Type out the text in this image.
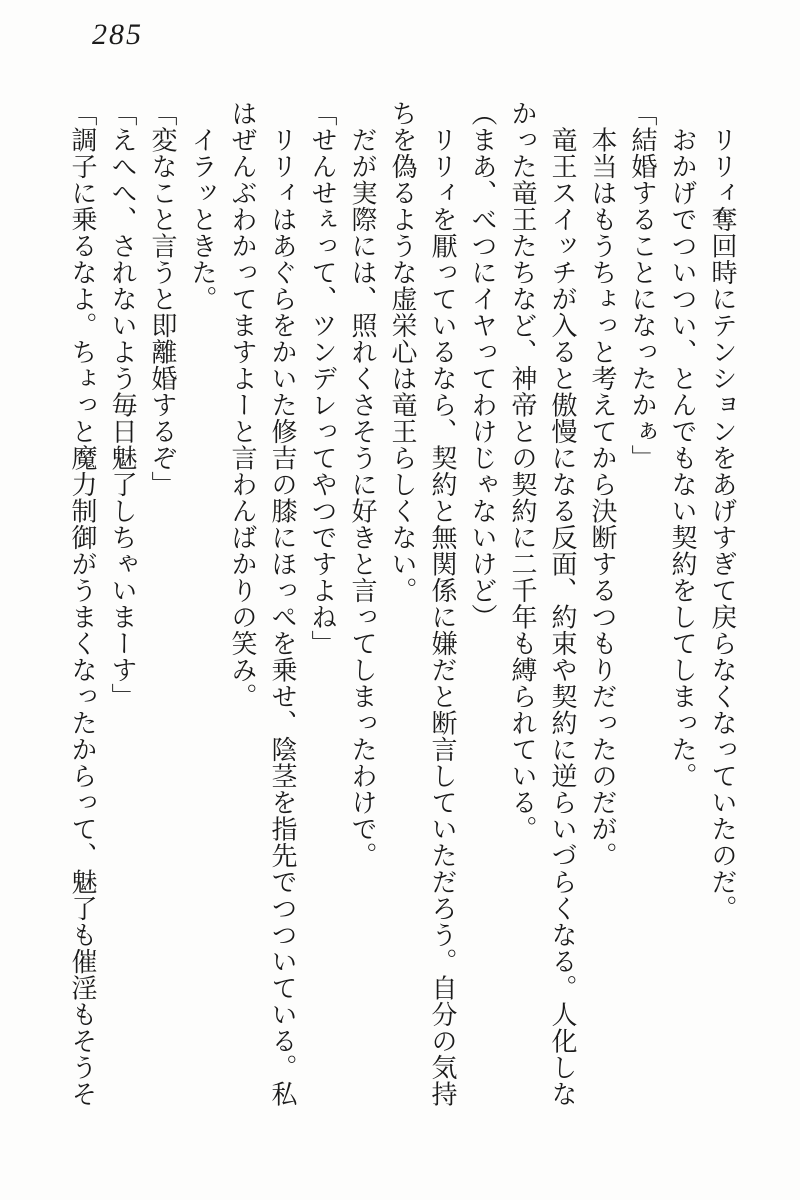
285

　リリィ奪回時にテンションをあげすぎて戻らなくなっていたのだ。

　おかげでついつい、とんでもない契約をしてしまった。

「結婚することになったかぁ」

　本当はもうちょっと考えてから決断するつもりだったのだが。

　竜王スイッチが入ると傲慢になる反面、約束や契約に逆らいづらくなる。人化しな

かった竜王たちなど、神帝との契約に二千年も縛られている。

（まあ、べつにイヤってわけじゃないけど）

　リリィを厭っているなら、契約と無関係に嫌だと断言していただろう。自分の気持

ちを偽るような虚栄心は竜王らしくない。

　だが実際には、照れくさそうに好きと言ってしまったわけで。

「せんせぇって、ツンデレってやつですよね」

　リリィはあぐらをかいた修吉の膝にほっぺを乗せ、陰茎を指先でつついている。私

はぜんぶわかってますよーと言わんばかりの笑み。

　イラッときた。

「変なこと言うと即離婚するぞ」

「えへへ、されないよう毎日魅了しちゃいまーす」

「調子に乗るなよ。ちょっと魔力制御がうまくなったからって、魅了も催淫もそうそ
